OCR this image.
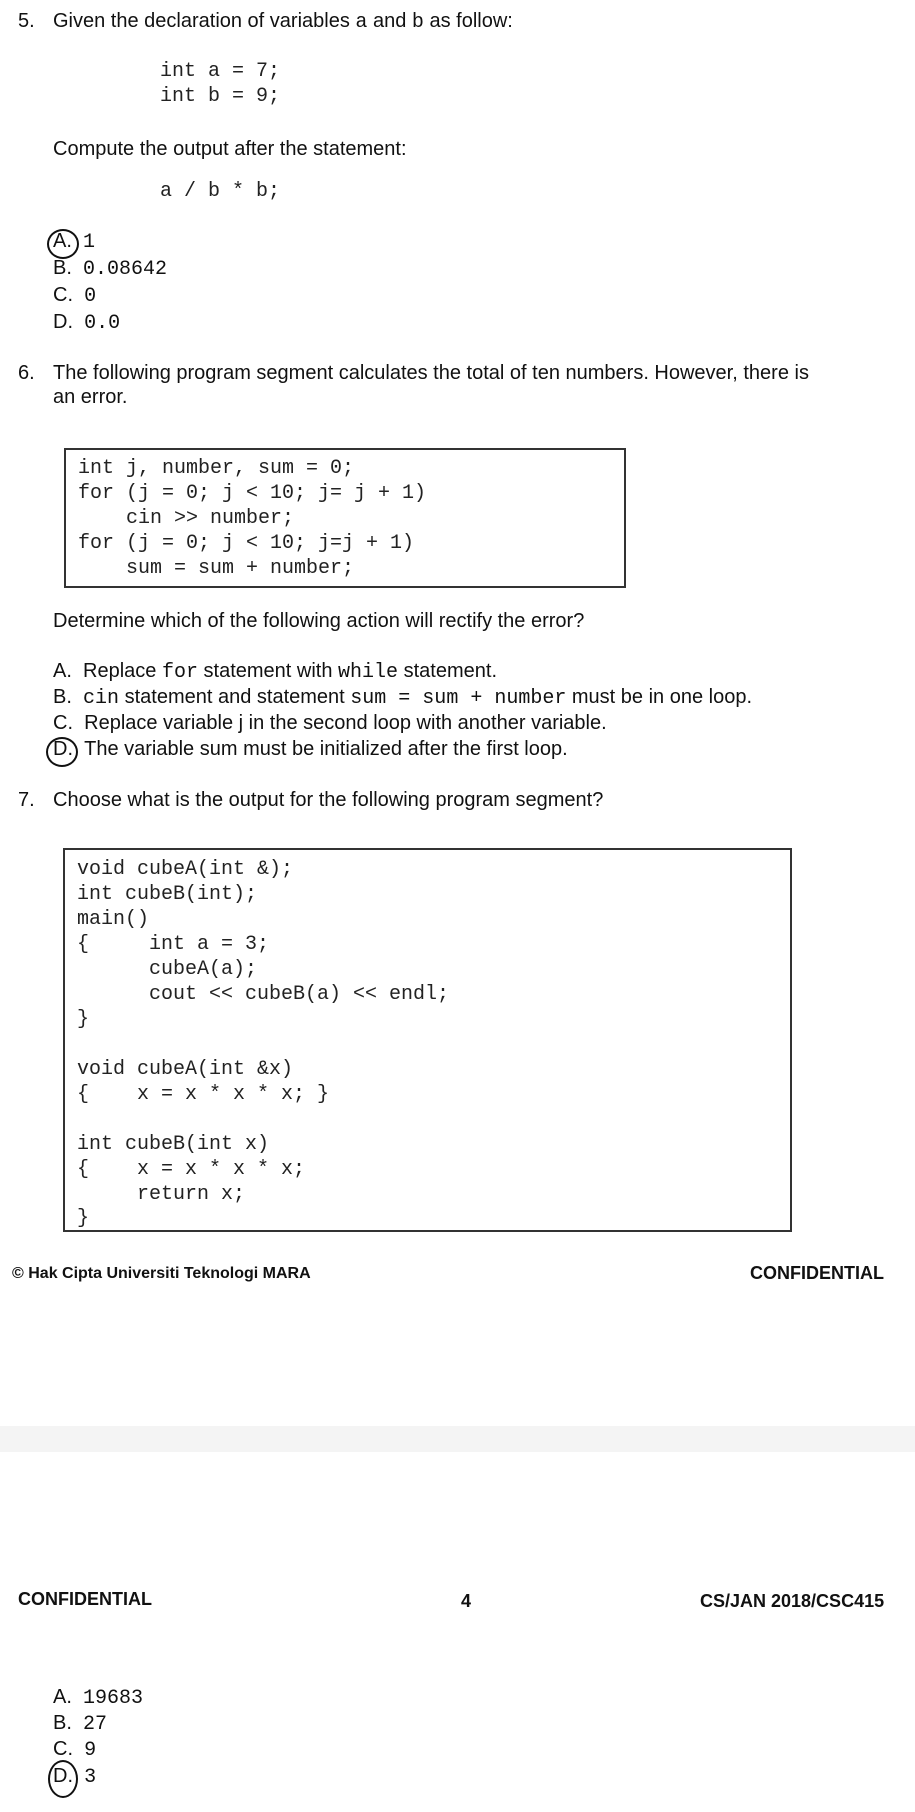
5. Given the declaration of variables a and b as follow:
int a = 7;
int b = 9;
Compute the output after the statement:
a / b * b;
A. 1
B. 0.08642
C. 0
D. 0.0
6. The following program segment calculates the total of ten numbers. However, there is
an error.
int j, number, sum = 0;
for (j = 0; j < 10; j= j + 1)
cin >> number;
for (j = 0; j < 10; j=j + 1)
sum = sum + number;
Determine which of the following action will rectify the error?
A. Replace for statement with while statement.
B. cin statement and statement sum = sum + number must be in one loop.
C. Replace variable j in the second loop with another variable.
D. The variable sum must be initialized after the first loop.
7. Choose what is the output for the following program segment?
void cubeA(int &);
int cubeB(int);
main()
{     int a = 3;
cubeA(a);
cout << cubeB(a) << endl;
}
void cubeA(int &x)
{    x = x * x * x; }
int cubeB(int x)
{    x = x * x * x;
return x;
}
© Hak Cipta Universiti Teknologi MARA	CONFIDENTIAL
CONFIDENTIAL	4	CS/JAN 2018/CSC415
A. 19683
B. 27
C. 9
D. 3
